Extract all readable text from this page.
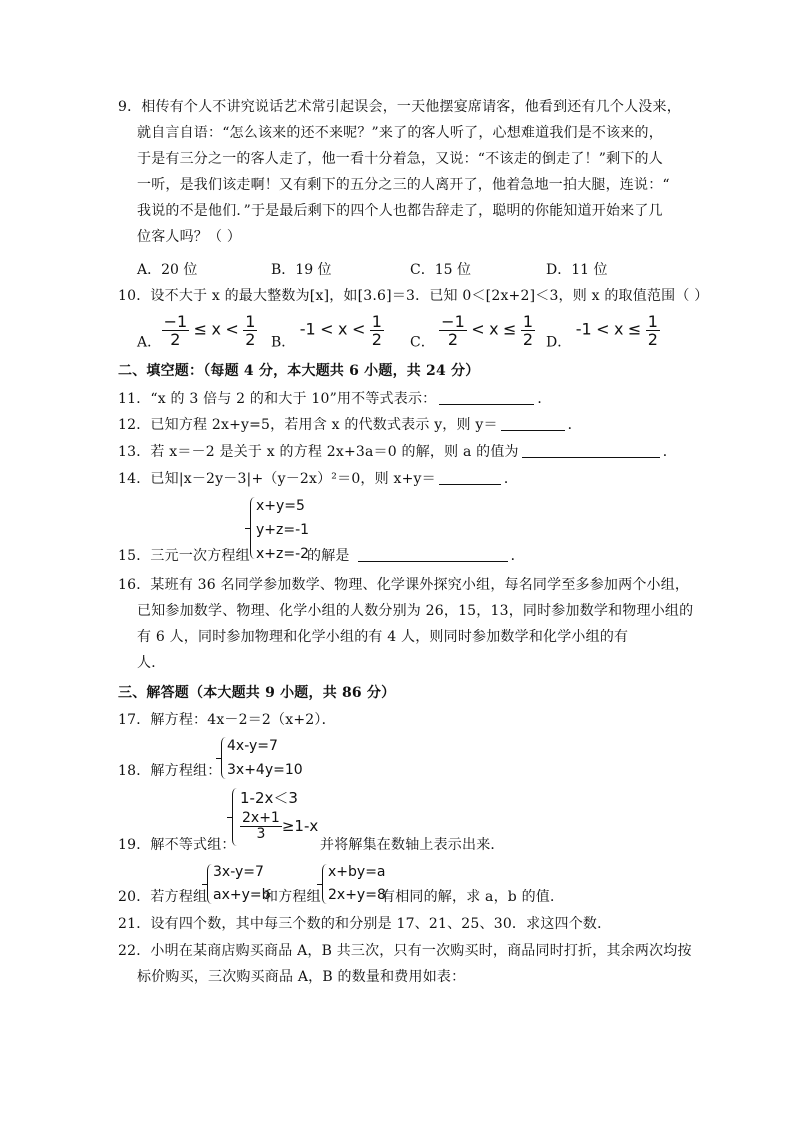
9．相传有个人不讲究说话艺术常引起误会，一天他摆宴席请客，他看到还有几个人没来，
就自言自语：“怎么该来的还不来呢？”来了的客人听了，心想难道我们是不该来的，
于是有三分之一的客人走了，他一看十分着急，又说：“不该走的倒走了！”剩下的人
一听，是我们该走啊！又有剩下的五分之三的人离开了，他着急地一拍大腿，连说：“
我说的不是他们．”于是最后剩下的四个人也都告辞走了，聪明的你能知道开始来了几
位客人吗？（ ）
A．20 位	B．19 位	C．15 位	D．11 位
10．设不大于 x 的最大整数为[x]，如[3.6]＝3．已知 0＜[2x+2]＜3，则 x 的取值范围（ ）
A． $\frac{-1}{2} \le x < \frac{1}{2}$ B． $-1 < x < \frac{1}{2}$ C． $\frac{-1}{2} < x \le \frac{1}{2}$ D． $-1 < x \le \frac{1}{2}$
二、填空题：（每题 4 分，本大题共 6 小题，共 24 分）
11．“x 的 3 倍与 2 的和大于 10”用不等式表示：	．
12．已知方程 2x+y=5，若用含 x 的代数式表示 y，则 y＝	．
13．若 x＝－2 是关于 x 的方程 2x+3a＝0 的解，则 a 的值为	．
14．已知|x－2y－3|+（y－2x）²＝0，则 x+y＝	．
x+y=5
y+z=-1
x+z=-2
15．三元一次方程组	的解是	．
16．某班有 36 名同学参加数学、物理、化学课外探究小组，每名同学至多参加两个小组，
已知参加数学、物理、化学小组的人数分别为 26，15，13，同时参加数学和物理小组的
有 6 人，同时参加物理和化学小组的有 4 人，则同时参加数学和化学小组的有
人．
三、解答题（本大题共 9 小题，共 86 分）
17．解方程：4x－2＝2（x+2）．
4x-y=7
3x+4y=10
18．解方程组：
1-2x＜3
$\frac{2x+1}{3} \ge 1-x$
19．解不等式组：	并将解集在数轴上表示出来．
3x-y=7
ax+y=b
x+by=a
2x+y=8
20．若方程组	和方程组	有相同的解，求 a，b 的值．
21．设有四个数，其中每三个数的和分别是 17、21、25、30．求这四个数．
22．小明在某商店购买商品 A，B 共三次，只有一次购买时，商品同时打折，其余两次均按
标价购买，三次购买商品 A，B 的数量和费用如表：
